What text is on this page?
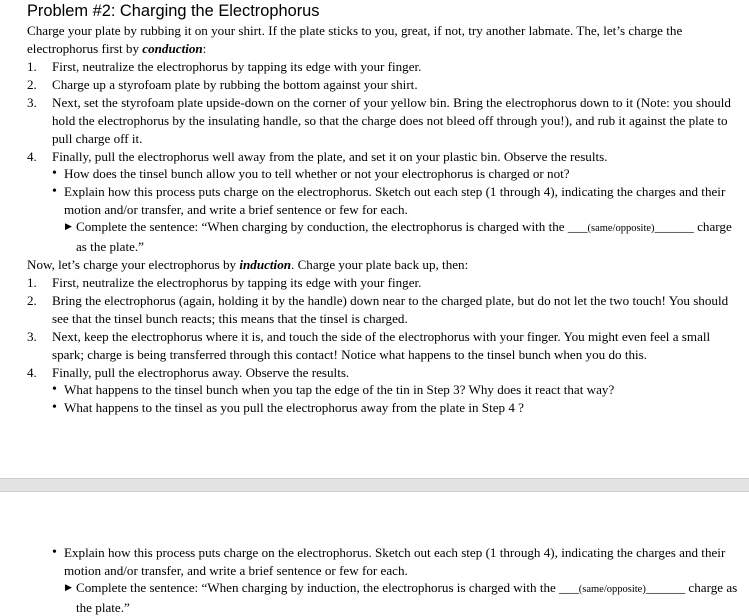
Problem #2: Charging the Electrophorus

Charge your plate by rubbing it on your shirt. If the plate sticks to you, great, if not, try another labmate. The, let’s charge the electrophorus first by conduction:

1. First, neutralize the electrophorus by tapping its edge with your finger.
2. Charge up a styrofoam plate by rubbing the bottom against your shirt.
3. Next, set the styrofoam plate upside-down on the corner of your yellow bin. Bring the electrophorus down to it (Note: you should hold the electrophorus by the insulating handle, so that the charge does not bleed off through you!), and rub it against the plate to pull charge off it.
4. Finally, pull the electrophorus well away from the plate, and set it on your plastic bin. Observe the results.
• How does the tinsel bunch allow you to tell whether or not your electrophorus is charged or not?
• Explain how this process puts charge on the electrophorus. Sketch out each step (1 through 4), indicating the charges and their motion and/or transfer, and write a brief sentence or few for each.
▶ Complete the sentence: “When charging by conduction, the electrophorus is charged with the ___(same/opposite)______ charge as the plate.”

Now, let’s charge your electrophorus by induction. Charge your plate back up, then:

1. First, neutralize the electrophorus by tapping its edge with your finger.
2. Bring the electrophorus (again, holding it by the handle) down near to the charged plate, but do not let the two touch! You should see that the tinsel bunch reacts; this means that the tinsel is charged.
3. Next, keep the electrophorus where it is, and touch the side of the electrophorus with your finger. You might even feel a small spark; charge is being transferred through this contact! Notice what happens to the tinsel bunch when you do this.
4. Finally, pull the electrophorus away. Observe the results.
• What happens to the tinsel bunch when you tap the edge of the tin in Step 3? Why does it react that way?
• What happens to the tinsel as you pull the electrophorus away from the plate in Step 4 ?
• Explain how this process puts charge on the electrophorus. Sketch out each step (1 through 4), indicating the charges and their motion and/or transfer, and write a brief sentence or few for each.
▶ Complete the sentence: “When charging by induction, the electrophorus is charged with the ___(same/opposite)______ charge as the plate.”
